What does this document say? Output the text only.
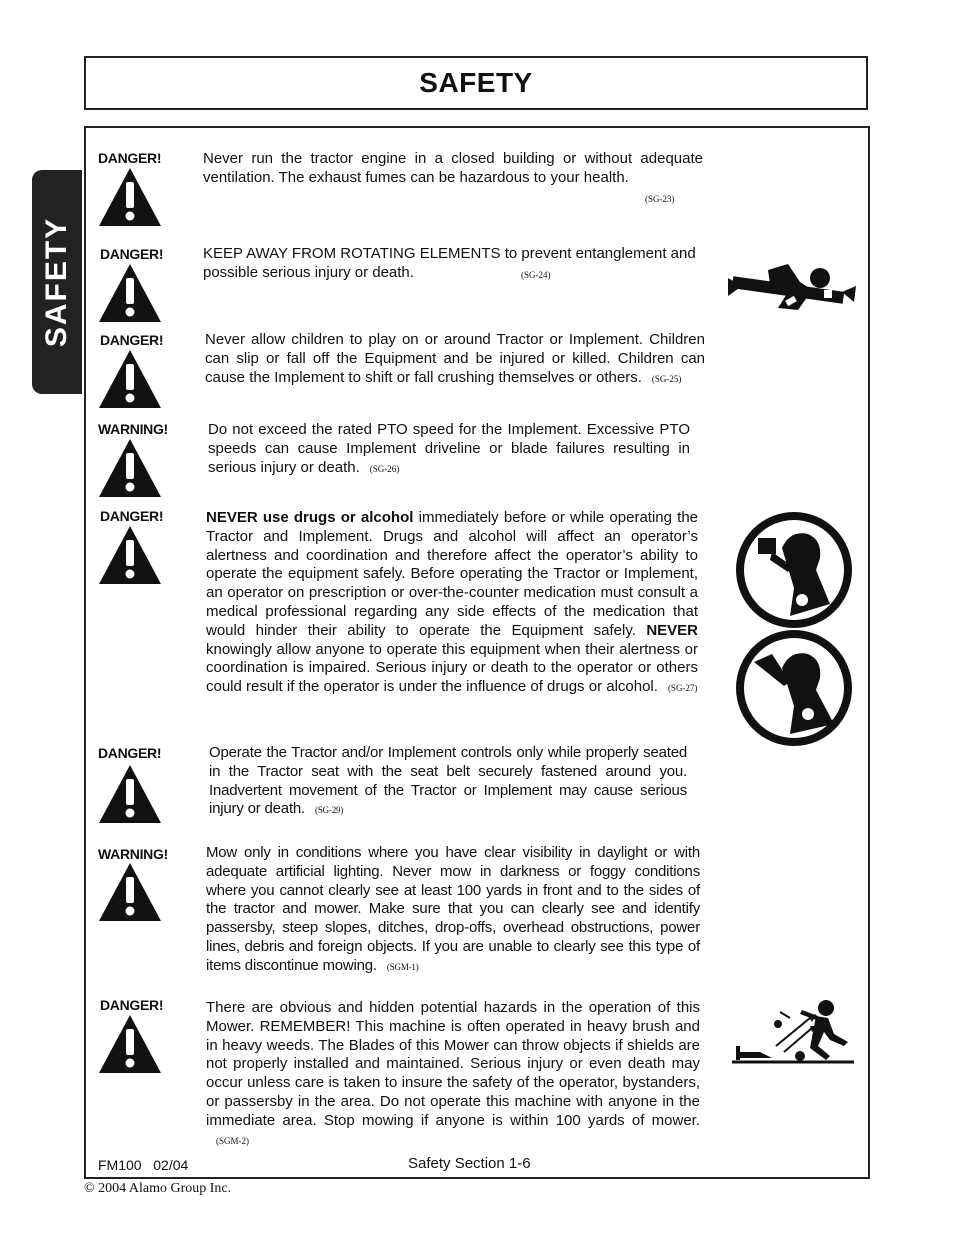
SAFETY
SAFETY
DANGER!	Never run the tractor engine in a closed building or without adequate ventilation. The exhaust fumes can be hazardous to your health.
(SG-23)
DANGER!	KEEP AWAY FROM ROTATING ELEMENTS to prevent entanglement and possible serious injury or death.	(SG-24)
DANGER!	Never allow children to play on or around Tractor or Implement. Children can slip or fall off the Equipment and be injured or killed. Children can cause the Implement to shift or fall crushing themselves or others. (SG-25)
WARNING!	Do not exceed the rated PTO speed for the Implement. Excessive PTO speeds can cause Implement driveline or blade failures resulting in serious injury or death. (SG-26)
DANGER!	NEVER use drugs or alcohol immediately before or while operating the Tractor and Implement. Drugs and alcohol will affect an operator’s alertness and coordination and therefore affect the operator’s ability to operate the equipment safely. Before operating the Tractor or Implement, an operator on prescription or over-the-counter medication must consult a medical professional regarding any side effects of the medication that would hinder their ability to operate the Equipment safely. NEVER knowingly allow anyone to operate this equipment when their alertness or coordination is impaired. Serious injury or death to the operator or others could result if the operator is under the influence of drugs or alcohol. (SG-27)
DANGER!	Operate the Tractor and/or Implement controls only while properly seated in the Tractor seat with the seat belt securely fastened around you. Inadvertent movement of the Tractor or Implement may cause serious injury or death. (SG-29)
WARNING!	Mow only in conditions where you have clear visibility in daylight or with adequate artificial lighting. Never mow in darkness or foggy conditions where you cannot clearly see at least 100 yards in front and to the sides of the tractor and mower. Make sure that you can clearly see and identify passersby, steep slopes, ditches, drop-offs, overhead obstructions, power lines, debris and foreign objects. If you are unable to clearly see this type of items discontinue mowing. (SGM-1)
DANGER!	There are obvious and hidden potential hazards in the operation of this Mower. REMEMBER! This machine is often operated in heavy brush and in heavy weeds. The Blades of this Mower can throw objects if shields are not properly installed and maintained. Serious injury or even death may occur unless care is taken to insure the safety of the operator, bystanders, or passersby in the area. Do not operate this machine with anyone in the immediate area. Stop mowing if anyone is within 100 yards of mower.(SGM-2)
FM100   02/04	Safety Section 1-6
© 2004 Alamo Group Inc.
